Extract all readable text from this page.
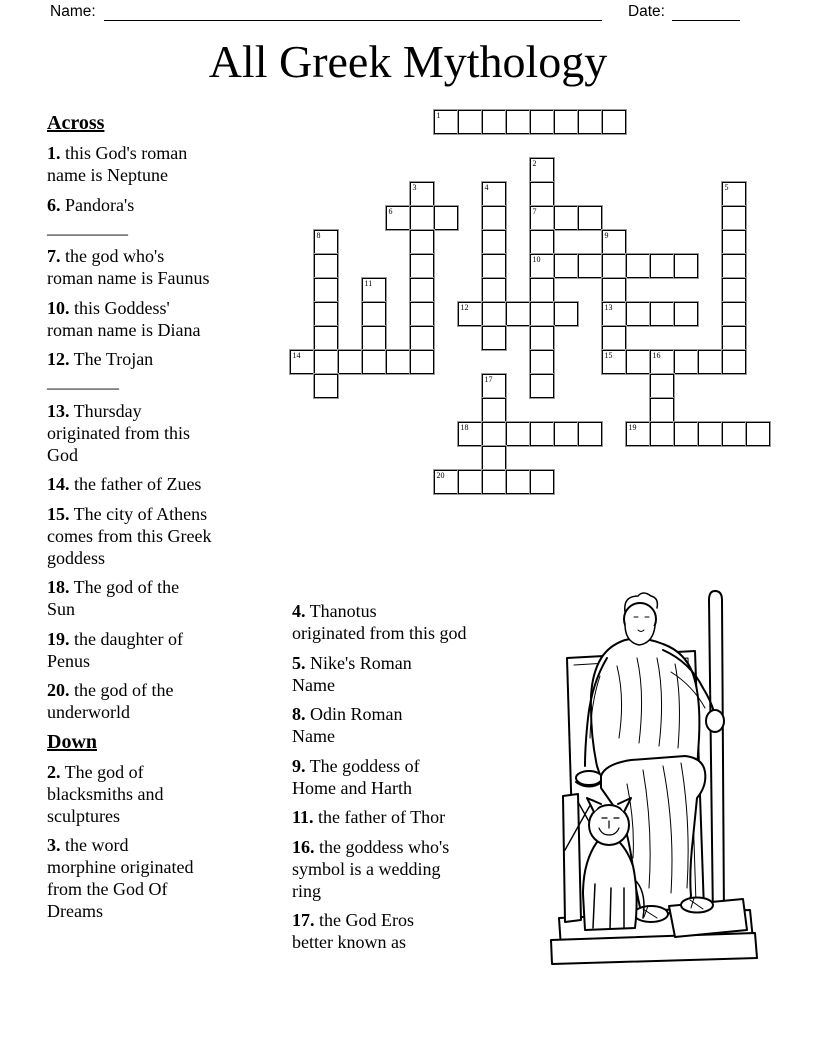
Name:	Date:
All Greek Mythology
Across

1. this God's roman
name is Neptune

6. Pandora's
_________

7. the god who's
roman name is Faunus

10. this Goddess'
roman name is Diana

12. The Trojan
________

13. Thursday
originated from this
God

14. the father of Zues

15. The city of Athens
comes from this Greek
goddess

18. The god of the
Sun

19. the daughter of
Penus

20. the god of the
underworld

Down

2. The god of
blacksmiths and
sculptures

3. the word
morphine originated
from the God Of
Dreams

4. Thanotus
originated from this god

5. Nike's Roman
Name

8. Odin Roman
Name

9. The goddess of
Home and Harth

11. the father of Thor

16. the goddess who's
symbol is a wedding
ring

17. the God Eros
better known as

1
2
3	4	5
6	7
8	9
10
11
12	13
14	15	16
17
18	19
20
